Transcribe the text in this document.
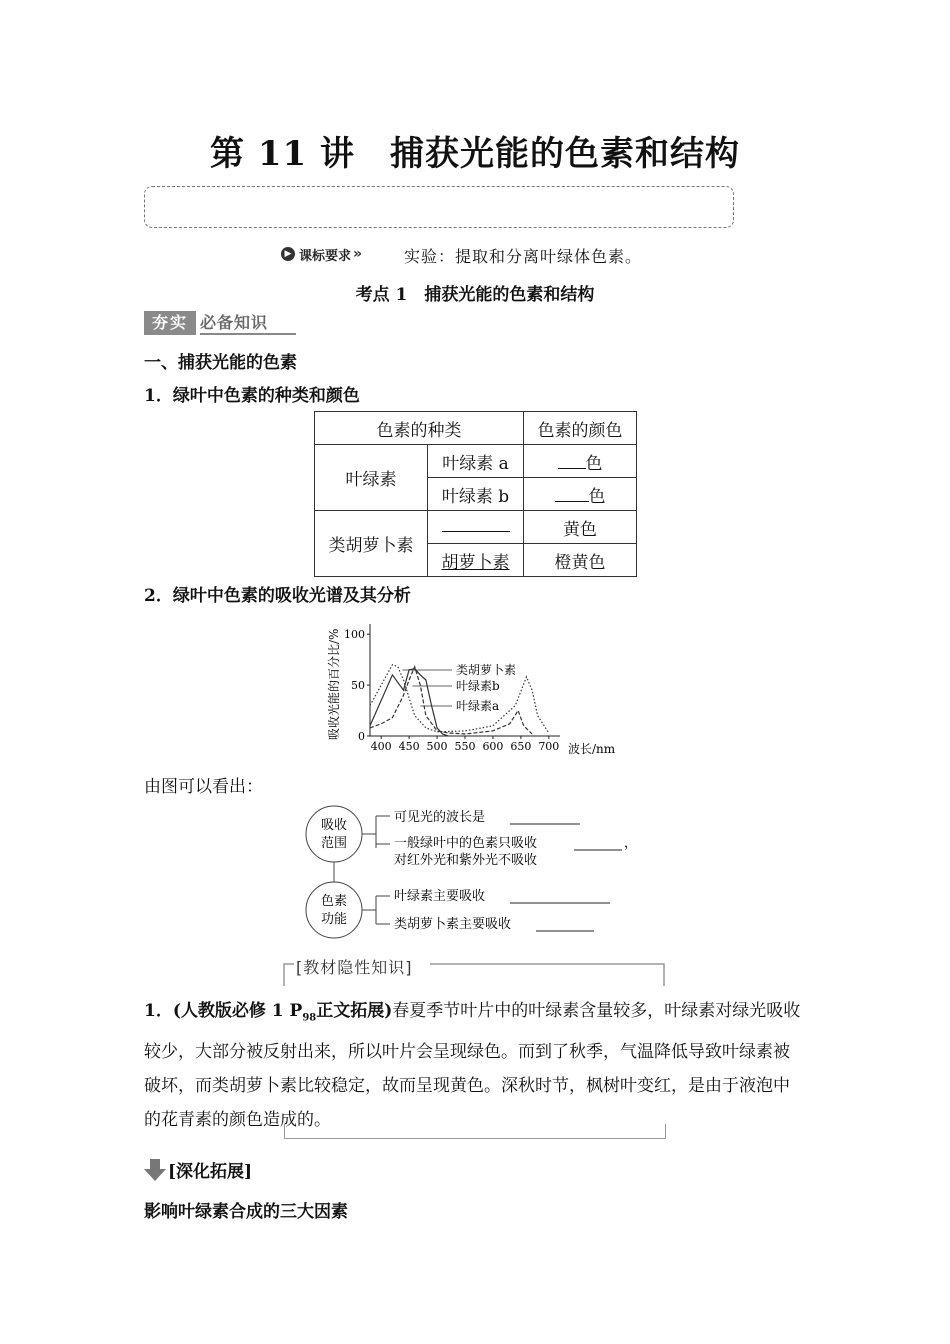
第 11 讲　捕获光能的色素和结构
▶ 课标要求 »	实验：提取和分离叶绿体色素。
考点 1　捕获光能的色素和结构
夯实 必备知识
一、捕获光能的色素
1．绿叶中色素的种类和颜色
色素的种类		色素的颜色
叶绿素	叶绿素 a	色
	叶绿素 b	色
类胡萝卜素		黄色
	胡萝卜素	橙黄色
2．绿叶中色素的吸收光谱及其分析
吸收光能的百分比/%
400 450 500 550 600 650 700
0
50
100
类胡萝卜素
叶绿素b
叶绿素a
波长/nm
由图可以看出：
吸收
范围
色素
功能
可见光的波长是
一般绿叶中的色素只吸收	，
对红外光和紫外光不吸收
叶绿素主要吸收
类胡萝卜素主要吸收
[教材隐性知识]
1．(人教版必修 1 $P_{98}$正文拓展)春夏季节叶片中的叶绿素含量较多，叶绿素对绿光吸收较少，大部分被反射出来，所以叶片会呈现绿色。而到了秋季，气温降低导致叶绿素被破坏，而类胡萝卜素比较稳定，故而呈现黄色。深秋时节，枫树叶变红，是由于液泡中的花青素的颜色造成的。
[深化拓展]
影响叶绿素合成的三大因素
